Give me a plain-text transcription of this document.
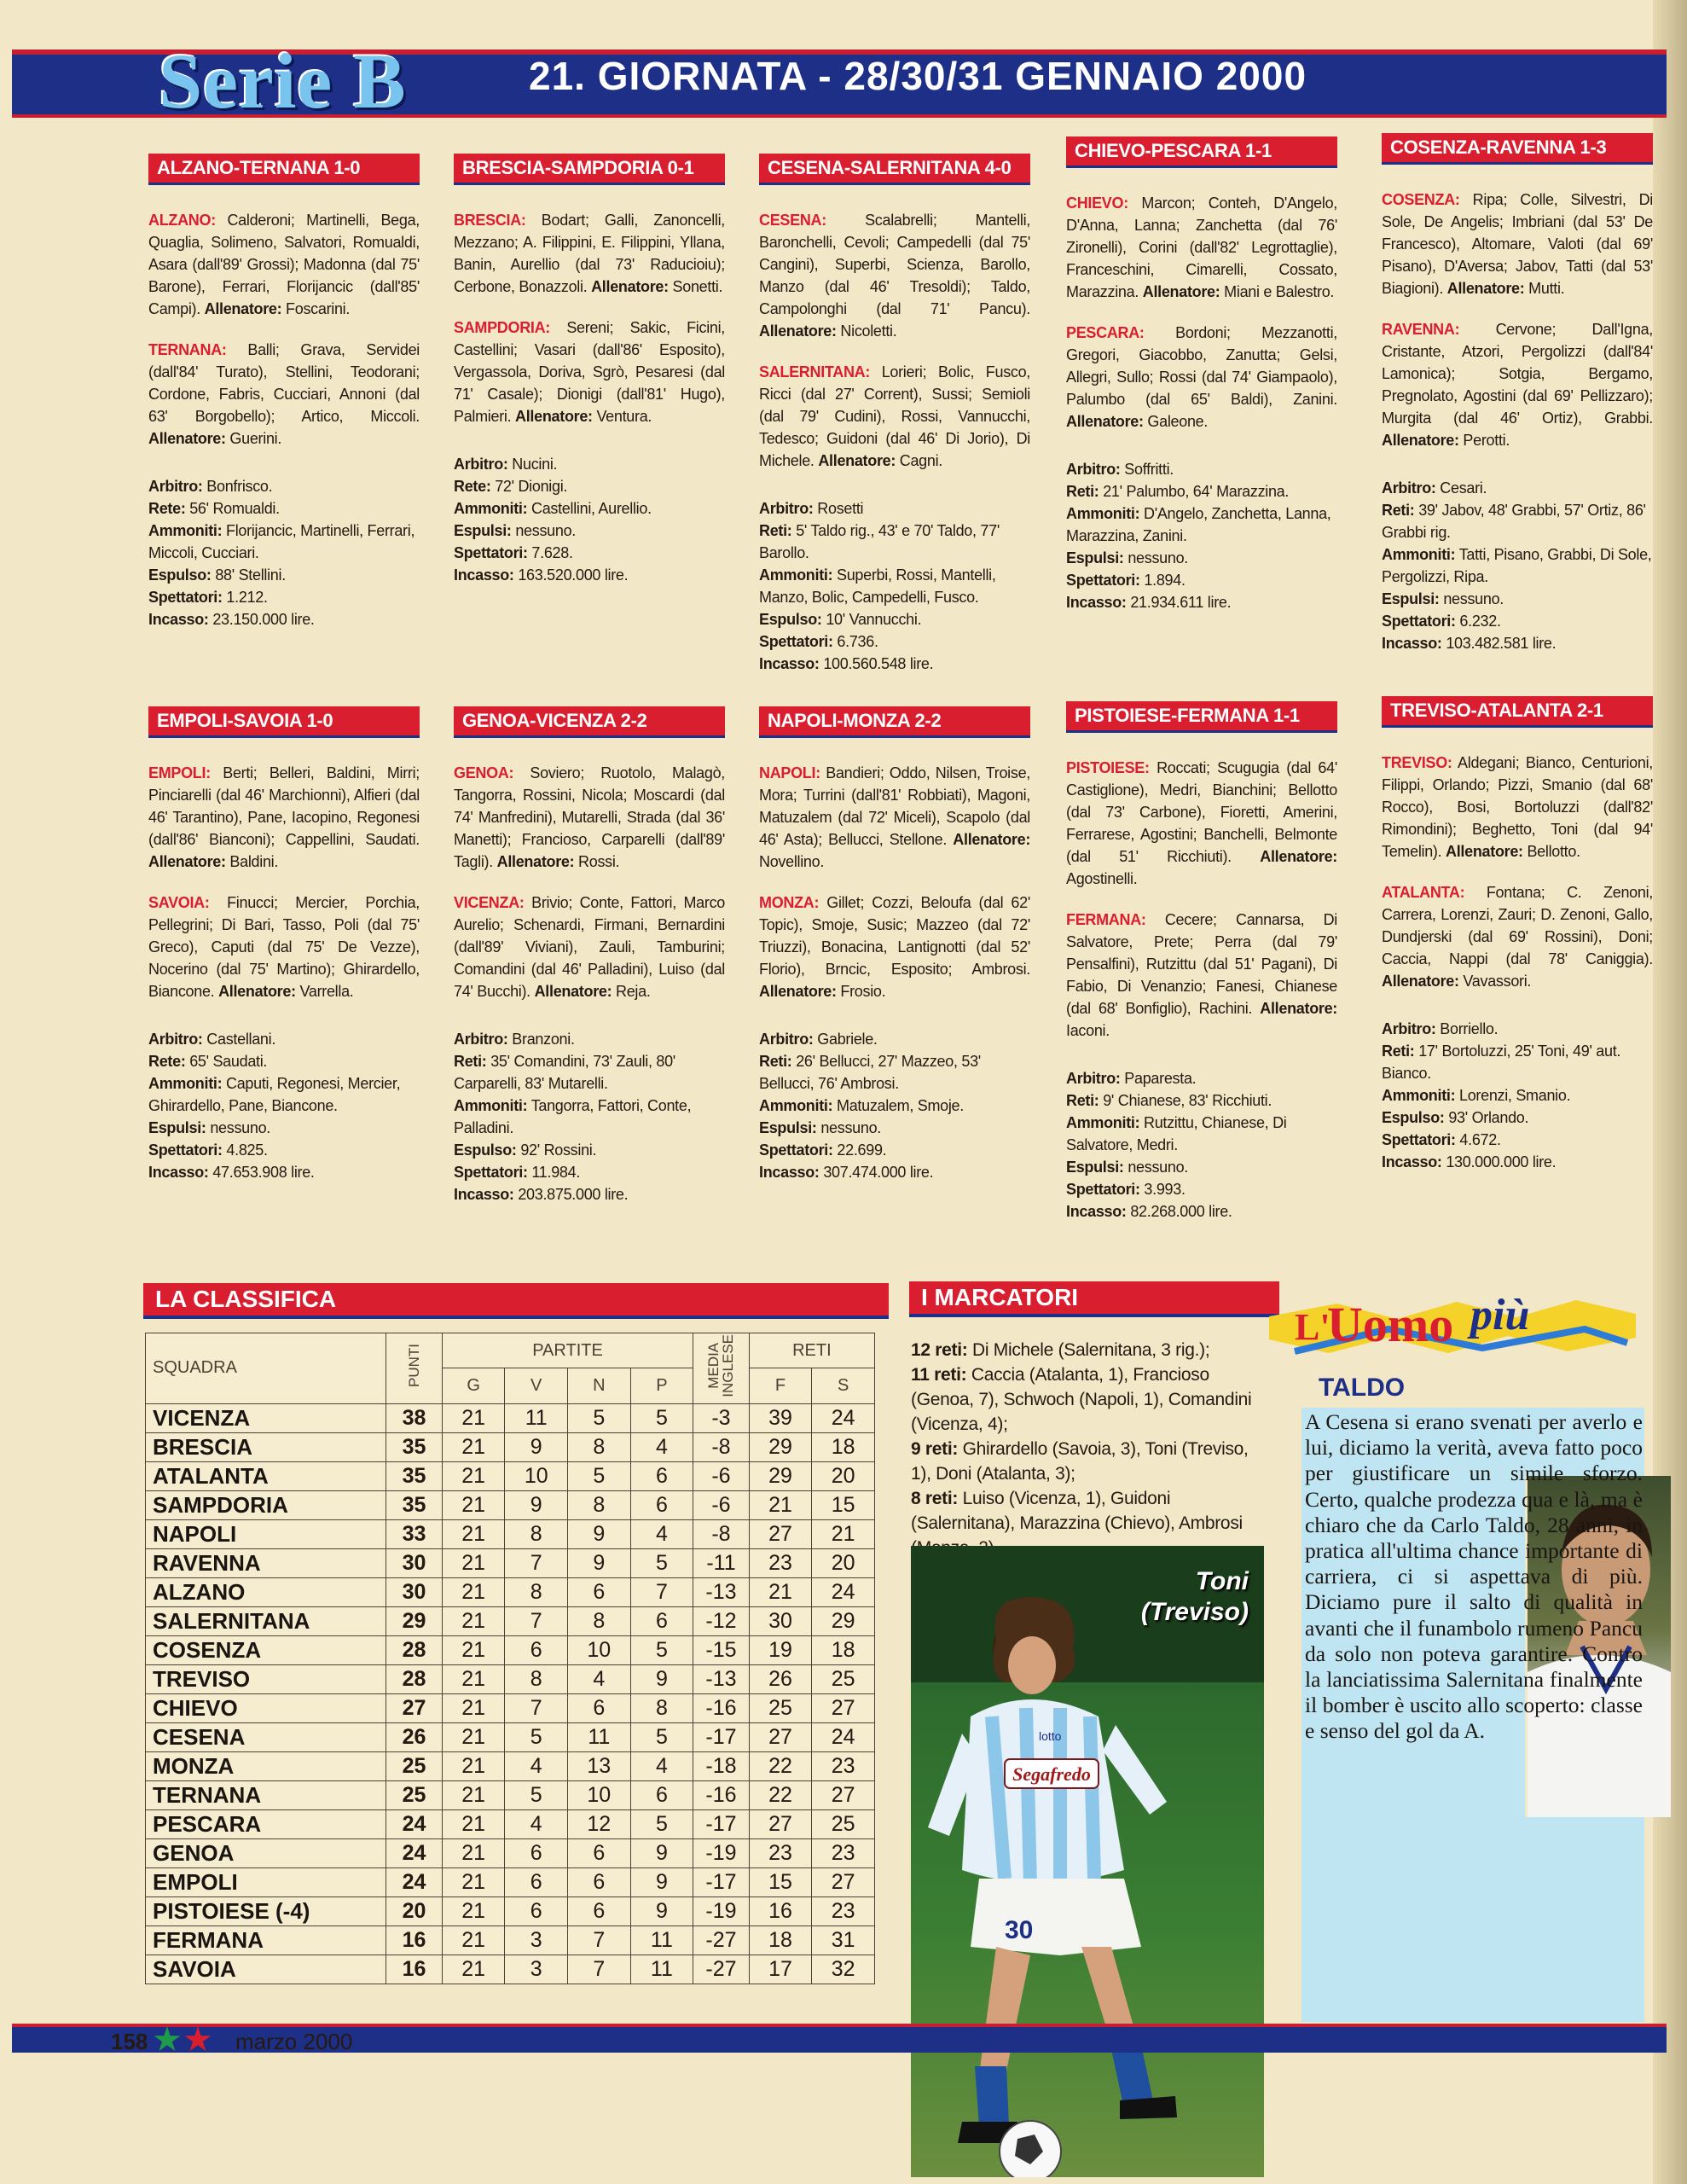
Serie B	21. GIORNATA - 28/30/31 GENNAIO 2000
ALZANO-TERNANA 1-0

ALZANO: Calderoni; Martinelli, Bega, Quaglia, Solimeno, Salvatori, Romualdi, Asara (dall'89' Grossi); Madonna (dal 75' Barone), Ferrari, Florijancic (dall'85' Campi). Allenatore: Foscarini.

TERNANA: Balli; Grava, Servidei (dall'84' Turato), Stellini, Teodorani; Cordone, Fabris, Cucciari, Annoni (dal 63' Borgobello); Artico, Miccoli. Allenatore: Guerini.

Arbitro: Bonfrisco.

Rete: 56' Romualdi.

Ammoniti: Florijancic, Martinelli, Ferrari, Miccoli, Cucciari.

Espulso: 88' Stellini.

Spettatori: 1.212.

Incasso: 23.150.000 lire.

BRESCIA-SAMPDORIA 0-1

BRESCIA: Bodart; Galli, Zanoncelli, Mezzano; A. Filippini, E. Filippini, Yllana, Banin, Aurellio (dal 73' Raducioiu); Cerbone, Bonazzoli. Allenatore: Sonetti.

SAMPDORIA: Sereni; Sakic, Ficini, Castellini; Vasari (dall'86' Esposito), Vergassola, Doriva, Sgrò, Pesaresi (dal 71' Casale); Dionigi (dall'81' Hugo), Palmieri. Allenatore: Ventura.

Arbitro: Nucini.

Rete: 72' Dionigi.

Ammoniti: Castellini, Aurellio.

Espulsi: nessuno.

Spettatori: 7.628.

Incasso: 163.520.000 lire.

CESENA-SALERNITANA 4-0

CESENA: Scalabrelli; Mantelli, Baronchelli, Cevoli; Campedelli (dal 75' Cangini), Superbi, Scienza, Barollo, Manzo (dal 46' Tresoldi); Taldo, Campolonghi (dal 71' Pancu). Allenatore: Nicoletti.

SALERNITANA: Lorieri; Bolic, Fusco, Ricci (dal 27' Corrent), Sussi; Semioli (dal 79' Cudini), Rossi, Vannucchi, Tedesco; Guidoni (dal 46' Di Jorio), Di Michele. Allenatore: Cagni.

Arbitro: Rosetti

Reti: 5' Taldo rig., 43' e 70' Taldo, 77' Barollo.

Ammoniti: Superbi, Rossi, Mantelli, Manzo, Bolic, Campedelli, Fusco.

Espulso: 10' Vannucchi.

Spettatori: 6.736.

Incasso: 100.560.548 lire.

CHIEVO-PESCARA 1-1

CHIEVO: Marcon; Conteh, D'Angelo, D'Anna, Lanna; Zanchetta (dal 76' Zironelli), Corini (dall'82' Legrottaglie), Franceschini, Cimarelli, Cossato, Marazzina. Allenatore: Miani e Balestro.

PESCARA: Bordoni; Mezzanotti, Gregori, Giacobbo, Zanutta; Gelsi, Allegri, Sullo; Rossi (dal 74' Giampaolo), Palumbo (dal 65' Baldi), Zanini. Allenatore: Galeone.

Arbitro: Soffritti.

Reti: 21' Palumbo, 64' Marazzina.

Ammoniti: D'Angelo, Zanchetta, Lanna, Marazzina, Zanini.

Espulsi: nessuno.

Spettatori: 1.894.

Incasso: 21.934.611 lire.

COSENZA-RAVENNA 1-3

COSENZA: Ripa; Colle, Silvestri, Di Sole, De Angelis; Imbriani (dal 53' De Francesco), Altomare, Valoti (dal 69' Pisano), D'Aversa; Jabov, Tatti (dal 53' Biagioni). Allenatore: Mutti.

RAVENNA: Cervone; Dall'Igna, Cristante, Atzori, Pergolizzi (dall'84' Lamonica); Sotgia, Bergamo, Pregnolato, Agostini (dal 69' Pellizzaro); Murgita (dal 46' Ortiz), Grabbi. Allenatore: Perotti.

Arbitro: Cesari.

Reti: 39' Jabov, 48' Grabbi, 57' Ortiz, 86' Grabbi rig.

Ammoniti: Tatti, Pisano, Grabbi, Di Sole, Pergolizzi, Ripa.

Espulsi: nessuno.

Spettatori: 6.232.

Incasso: 103.482.581 lire.

EMPOLI-SAVOIA 1-0

EMPOLI: Berti; Belleri, Baldini, Mirri; Pinciarelli (dal 46' Marchionni), Alfieri (dal 46' Tarantino), Pane, Iacopino, Regonesi (dall'86' Bianconi); Cappellini, Saudati. Allenatore: Baldini.

SAVOIA: Finucci; Mercier, Porchia, Pellegrini; Di Bari, Tasso, Poli (dal 75' Greco), Caputi (dal 75' De Vezze), Nocerino (dal 75' Martino); Ghirardello, Biancone. Allenatore: Varrella.

Arbitro: Castellani.

Rete: 65' Saudati.

Ammoniti: Caputi, Regonesi, Mercier, Ghirardello, Pane, Biancone.

Espulsi: nessuno.

Spettatori: 4.825.

Incasso: 47.653.908 lire.

GENOA-VICENZA 2-2

GENOA: Soviero; Ruotolo, Malagò, Tangorra, Rossini, Nicola; Moscardi (dal 74' Manfredini), Mutarelli, Strada (dal 36' Manetti); Francioso, Carparelli (dall'89' Tagli). Allenatore: Rossi.

VICENZA: Brivio; Conte, Fattori, Marco Aurelio; Schenardi, Firmani, Bernardini (dall'89' Viviani), Zauli, Tamburini; Comandini (dal 46' Palladini), Luiso (dal 74' Bucchi). Allenatore: Reja.

Arbitro: Branzoni.

Reti: 35' Comandini, 73' Zauli, 80' Carparelli, 83' Mutarelli.

Ammoniti: Tangorra, Fattori, Conte, Palladini.

Espulso: 92' Rossini.

Spettatori: 11.984.

Incasso: 203.875.000 lire.

NAPOLI-MONZA 2-2

NAPOLI: Bandieri; Oddo, Nilsen, Troise, Mora; Turrini (dall'81' Robbiati), Magoni, Matuzalem (dal 72' Miceli), Scapolo (dal 46' Asta); Bellucci, Stellone. Allenatore: Novellino.

MONZA: Gillet; Cozzi, Beloufa (dal 62' Topic), Smoje, Susic; Mazzeo (dal 72' Triuzzi), Bonacina, Lantignotti (dal 52' Florio), Brncic, Esposito; Ambrosi. Allenatore: Frosio.

Arbitro: Gabriele.

Reti: 26' Bellucci, 27' Mazzeo, 53' Bellucci, 76' Ambrosi.

Ammoniti: Matuzalem, Smoje.

Espulsi: nessuno.

Spettatori: 22.699.

Incasso: 307.474.000 lire.

PISTOIESE-FERMANA 1-1

PISTOIESE: Roccati; Scugugia (dal 64' Castiglione), Medri, Bianchini; Bellotto (dal 73' Carbone), Fioretti, Amerini, Ferrarese, Agostini; Banchelli, Belmonte (dal 51' Ricchiuti). Allenatore: Agostinelli.

FERMANA: Cecere; Cannarsa, Di Salvatore, Prete; Perra (dal 79' Pensalfini), Rutzittu (dal 51' Pagani), Di Fabio, Di Venanzio; Fanesi, Chianese (dal 68' Bonfiglio), Rachini. Allenatore: Iaconi.

Arbitro: Paparesta.

Reti: 9' Chianese, 83' Ricchiuti.

Ammoniti: Rutzittu, Chianese, Di Salvatore, Medri.

Espulsi: nessuno.

Spettatori: 3.993.

Incasso: 82.268.000 lire.

TREVISO-ATALANTA 2-1

TREVISO: Aldegani; Bianco, Centurioni, Filippi, Orlando; Pizzi, Smanio (dal 68' Rocco), Bosi, Bortoluzzi (dall'82' Rimondini); Beghetto, Toni (dal 94' Temelin). Allenatore: Bellotto.

ATALANTA: Fontana; C. Zenoni, Carrera, Lorenzi, Zauri; D. Zenoni, Gallo, Dundjerski (dal 69' Rossini), Doni; Caccia, Nappi (dal 78' Caniggia). Allenatore: Vavassori.

Arbitro: Borriello.

Reti: 17' Bortoluzzi, 25' Toni, 49' aut. Bianco.

Ammoniti: Lorenzi, Smanio.

Espulso: 93' Orlando.

Spettatori: 4.672.

Incasso: 130.000.000 lire.

LA CLASSIFICA
SQUADRA	PUNTI	PARTITE				MEDIA INGLESE	RETI	
		G	V	N	P		F	S
VICENZA	38	21	11	5	5	-3	39	24
BRESCIA	35	21	9	8	4	-8	29	18
ATALANTA	35	21	10	5	6	-6	29	20
SAMPDORIA	35	21	9	8	6	-6	21	15
NAPOLI	33	21	8	9	4	-8	27	21
RAVENNA	30	21	7	9	5	-11	23	20
ALZANO	30	21	8	6	7	-13	21	24
SALERNITANA	29	21	7	8	6	-12	30	29
COSENZA	28	21	6	10	5	-15	19	18
TREVISO	28	21	8	4	9	-13	26	25
CHIEVO	27	21	7	6	8	-16	25	27
CESENA	26	21	5	11	5	-17	27	24
MONZA	25	21	4	13	4	-18	22	23
TERNANA	25	21	5	10	6	-16	22	27
PESCARA	24	21	4	12	5	-17	27	25
GENOA	24	21	6	6	9	-19	23	23
EMPOLI	24	21	6	6	9	-17	15	27
PISTOIESE (-4)	20	21	6	6	9	-19	16	23
FERMANA	16	21	3	7	11	-27	18	31
SAVOIA	16	21	3	7	11	-27	17	32
I MARCATORI
12 reti: Di Michele (Salernitana, 3 rig.);
11 reti: Caccia (Atalanta, 1), Francioso (Genoa, 7), Schwoch (Napoli, 1), Comandini (Vicenza, 4);
9 reti: Ghirardello (Savoia, 3), Toni (Treviso, 1), Doni (Atalanta, 3);
8 reti: Luiso (Vicenza, 1), Guidoni (Salernitana), Marazzina (Chievo), Ambrosi
Segafredo
lotto
30
Toni
(Treviso)
L'
Uomo più
TALDO
A Cesena si erano svenati per averlo e lui, diciamo la verità, aveva fatto poco per giustificare un simile sforzo. Certo, qualche prodezza qua e là, ma è chiaro che da Carlo Taldo, 28 anni, in pratica all'ultima chance importante di carriera, ci si aspettava di più. Diciamo pure il salto di qualità in avanti che il funambolo rumeno Pancu da solo non poteva garantire. Contro la lanciatissima Salernitana finalmente il bomber è uscito allo scoperto: classe e senso del gol da A.
158 ★ ★ marzo 2000
